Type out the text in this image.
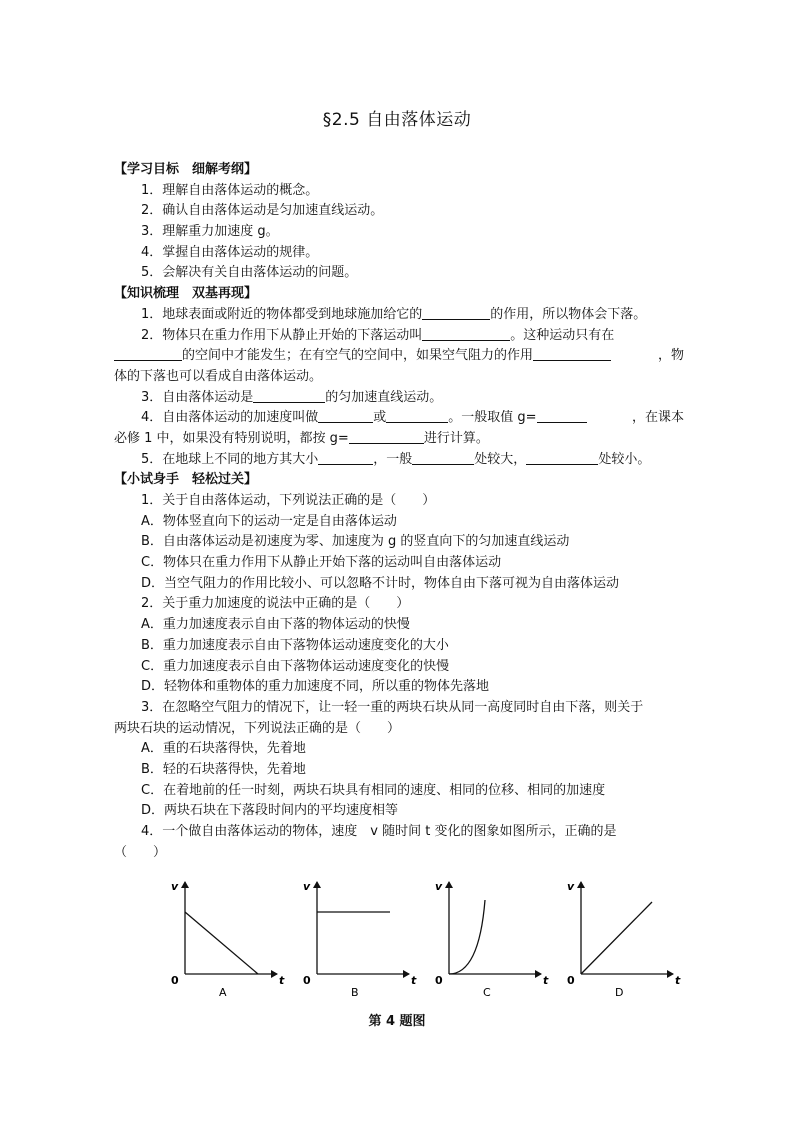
§2.5 自由落体运动
【学习目标　细解考纲】
1．理解自由落体运动的概念。
2．确认自由落体运动是匀加速直线运动。
3．理解重力加速度 g。
4．掌握自由落体运动的规律。
5．会解决有关自由落体运动的问题。
【知识梳理　双基再现】
1．地球表面或附近的物体都受到地球施加给它的	的作用，所以物体会下落。
2．物体只在重力作用下从静止开始的下落运动叫	。这种运动只有在
的空间中才能发生；在有空气的空间中，如果空气阻力的作用	，物
体的下落也可以看成自由落体运动。
3．自由落体运动是	的匀加速直线运动。
4．自由落体运动的加速度叫做	或	。一般取值 g=	，在课本
必修 1 中，如果没有特别说明，都按 g=	进行计算。
5．在地球上不同的地方其大小	，一般	处较大，	处较小。
【小试身手　轻松过关】
1．关于自由落体运动，下列说法正确的是（　　）
A．物体竖直向下的运动一定是自由落体运动
B．自由落体运动是初速度为零、加速度为 g 的竖直向下的匀加速直线运动
C．物体只在重力作用下从静止开始下落的运动叫自由落体运动
D．当空气阻力的作用比较小、可以忽略不计时，物体自由下落可视为自由落体运动
2．关于重力加速度的说法中正确的是（　　）
A．重力加速度表示自由下落的物体运动的快慢
B．重力加速度表示自由下落物体运动速度变化的大小
C．重力加速度表示自由下落物体运动速度变化的快慢
D．轻物体和重物体的重力加速度不同，所以重的物体先落地
3．在忽略空气阻力的情况下，让一轻一重的两块石块从同一高度同时自由下落，则关于
两块石块的运动情况，下列说法正确的是（　　）
A．重的石块落得快，先着地
B．轻的石块落得快，先着地
C．在着地前的任一时刻，两块石块具有相同的速度、相同的位移、相同的加速度
D．两块石块在下落段时间内的平均速度相等
4．一个做自由落体运动的物体，速度　v 随时间 t 变化的图象如图所示，正确的是
（　　）
v
t
0
A
v
t
0
B
v
t
0
C
v
t
0
D
第 4 题图
